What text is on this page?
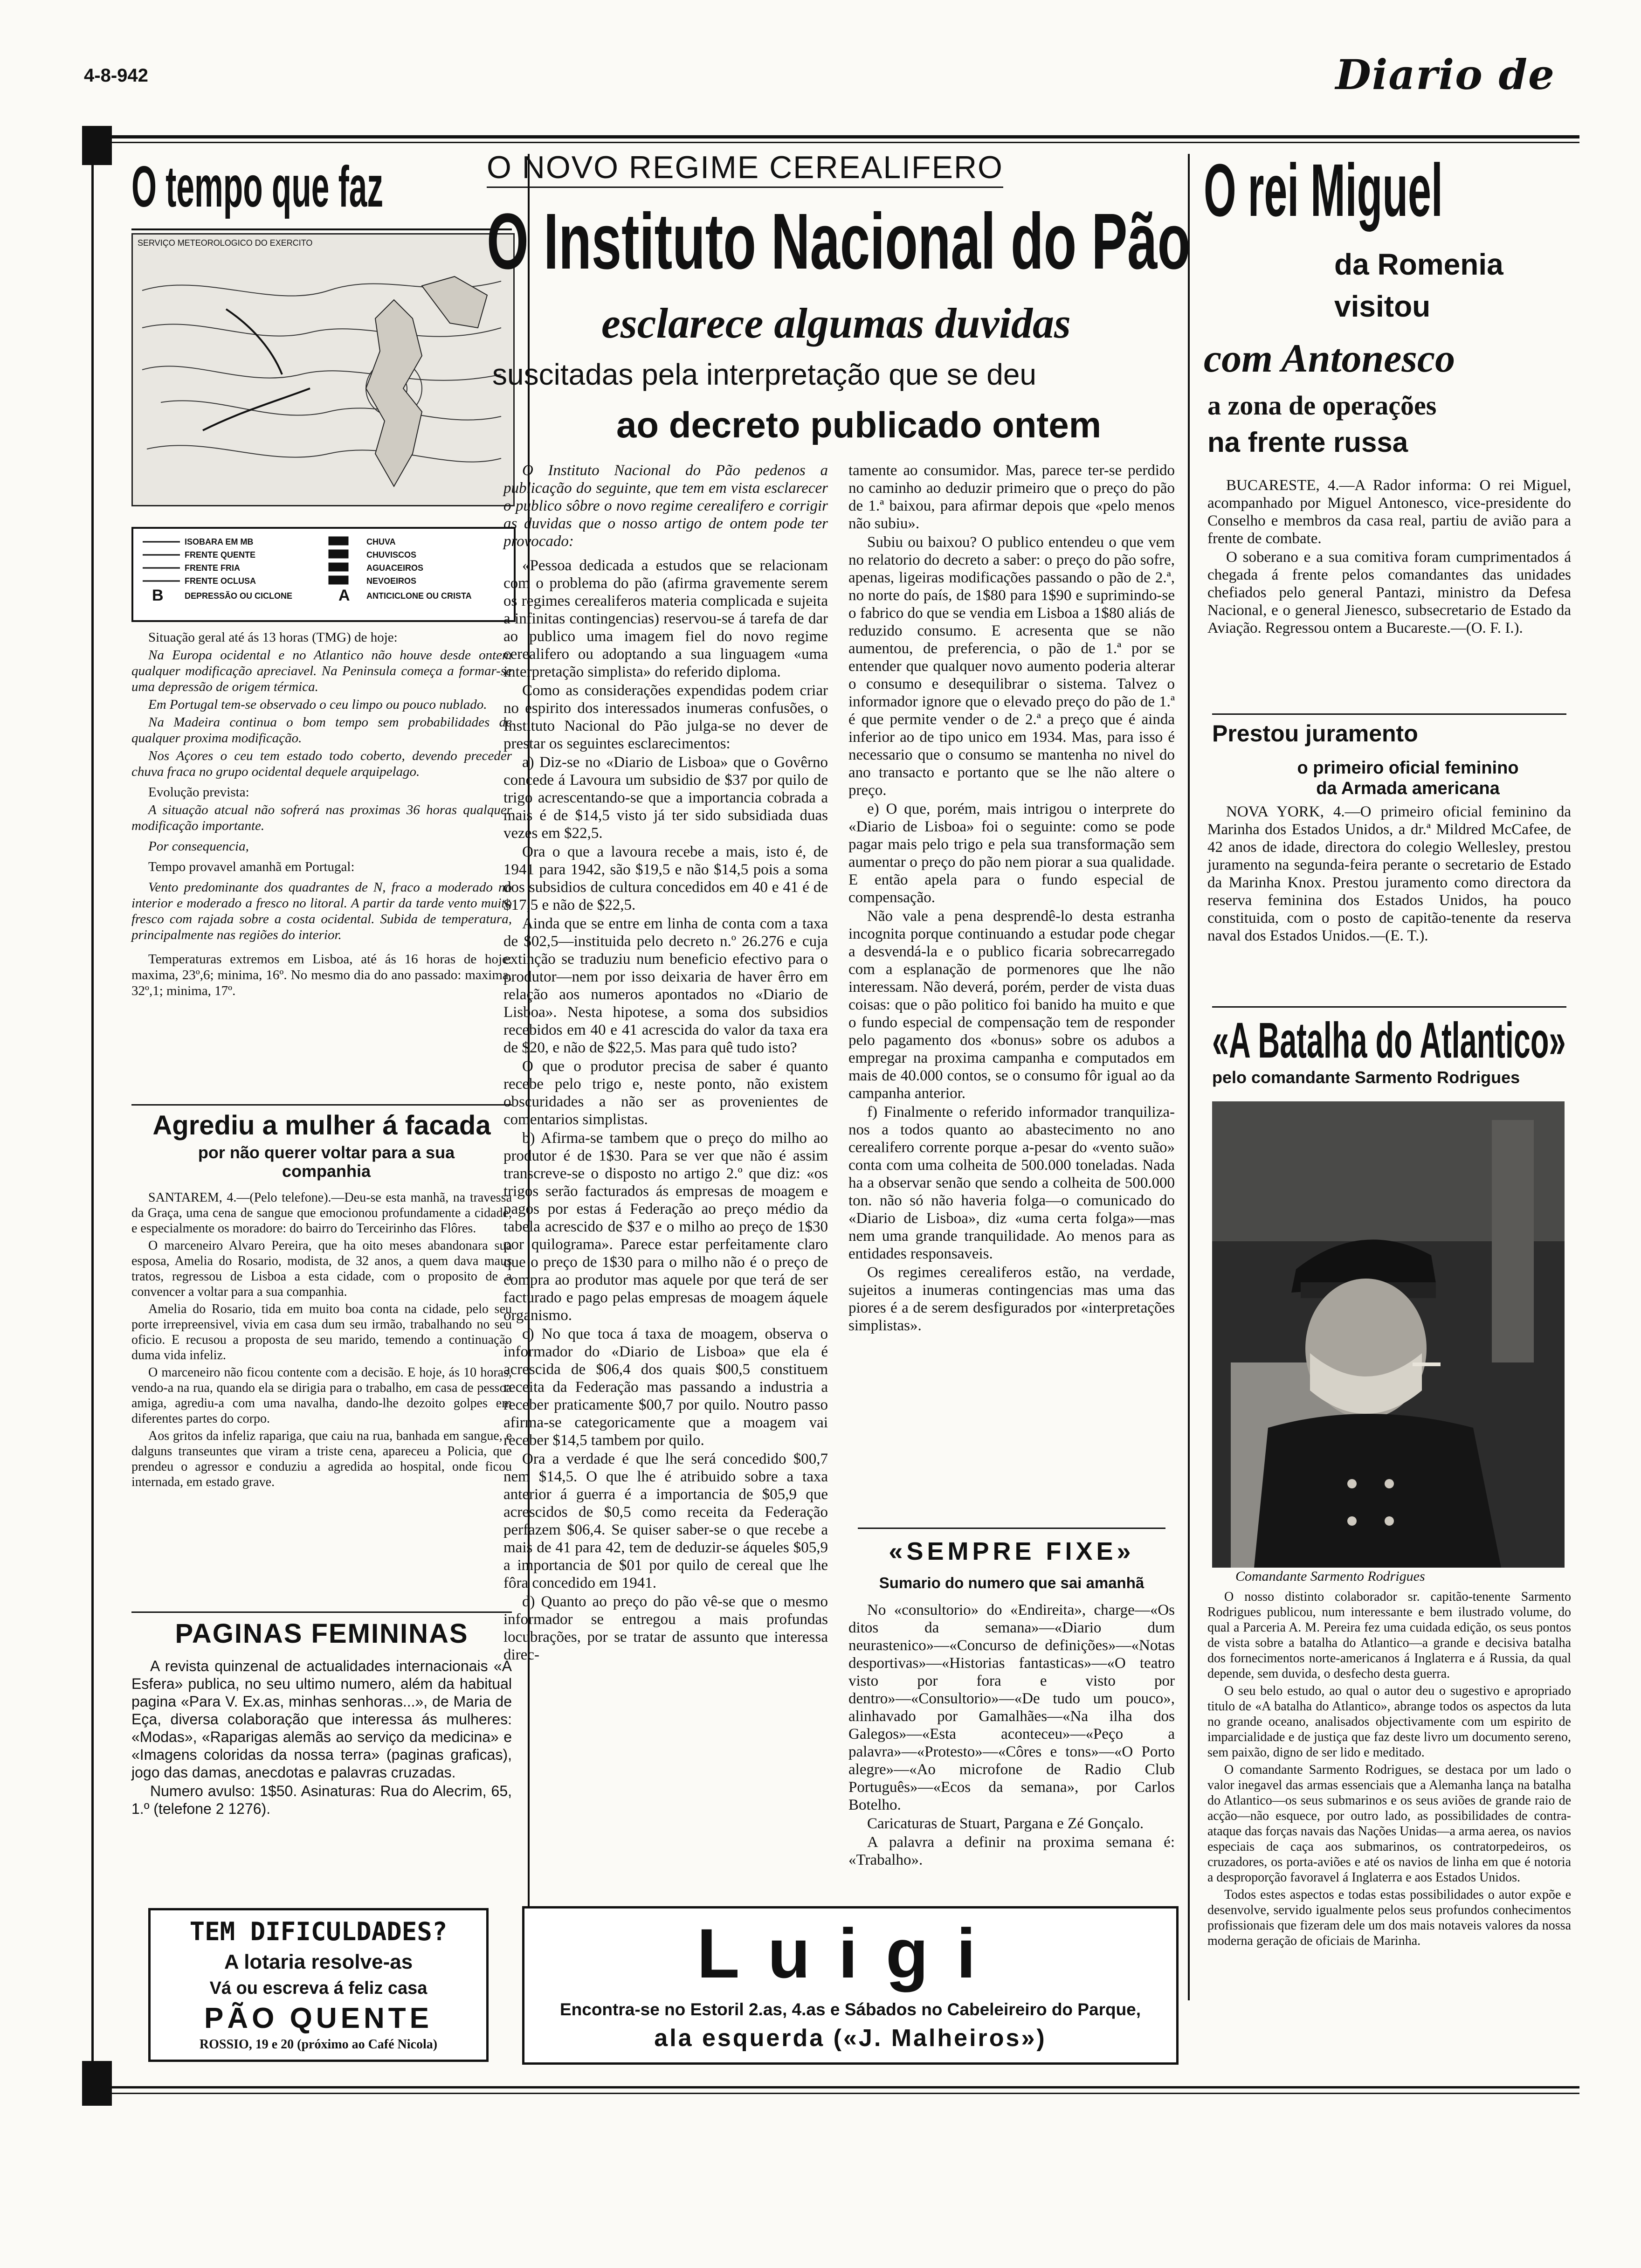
4-8-942	Diario de
O tempo que faz
SERVIÇO METEOROLOGICO DO EXERCITO
ISOBARA EM MB
FRENTE QUENTE
FRENTE FRIA
FRENTE OCLUSA
DEPRESSÃO OU CICLONE
CHUVA
CHUVISCOS
AGUACEIROS
NEVOEIROS
ANTICICLONE OU CRISTA
B	A

Situação geral até ás 13 horas (TMG) de hoje:

Na Europa ocidental e no Atlantico não houve desde ontem qualquer modificação apreciavel. Na Peninsula começa a formar-se uma depressão de origem térmica.

Em Portugal tem-se observado o ceu limpo ou pouco nublado.

Na Madeira continua o bom tempo sem probabilidades de qualquer proxima modificação.

Nos Açores o ceu tem estado todo coberto, devendo preceder chuva fraca no grupo ocidental dequele arquipelago.

Evolução prevista:

A situação atcual não sofrerá nas proximas 36 horas qualquer modificação importante.

Por consequencia,

Tempo provavel amanhã em Portugal:

Vento predominante dos quadrantes de N, fraco a moderado no interior e moderado a fresco no litoral. A partir da tarde vento muito fresco com rajada sobre a costa ocidental. Subida de temperatura, principalmente nas regiões do interior.

Temperaturas extremos em Lisboa, até ás 16 horas de hoje: maxima, 23º,6; minima, 16º. No mesmo dia do ano passado: maxima, 32º,1; minima, 17º.

Agrediu a mulher á facada
por não querer voltar para a sua companhia

SANTAREM, 4.—(Pelo telefone).—Deu-se esta manhã, na travessa da Graça, uma cena de sangue que emocionou profundamente a cidade, e especialmente os moradore: do bairro do Terceirinho das Flôres.

O marceneiro Alvaro Pereira, que ha oito meses abandonara sua esposa, Amelia do Rosario, modista, de 32 anos, a quem dava maus tratos, regressou de Lisboa a esta cidade, com o proposito de a convencer a voltar para a sua companhia.

Amelia do Rosario, tida em muito boa conta na cidade, pelo seu porte irrepreensivel, vivia em casa dum seu irmão, trabalhando no seu oficio. E recusou a proposta de seu marido, temendo a continuação duma vida infeliz.

O marceneiro não ficou contente com a decisão. E hoje, ás 10 horas, vendo-a na rua, quando ela se dirigia para o trabalho, em casa de pessoa amiga, agrediu-a com uma navalha, dando-lhe dezoito golpes em diferentes partes do corpo.

Aos gritos da infeliz rapariga, que caiu na rua, banhada em sangue, e dalguns transeuntes que viram a triste cena, apareceu a Policia, que prendeu o agressor e conduziu a agredida ao hospital, onde ficou internada, em estado grave.

PAGINAS FEMININAS

A revista quinzenal de actualidades internacionais «A Esfera» publica, no seu ultimo numero, além da habitual pagina «Para V. Ex.as, minhas senhoras...», de Maria de Eça, diversa colaboração que interessa ás mulheres: «Modas», «Raparigas alemãs ao serviço da medicina» e «Imagens coloridas da nossa terra» (paginas graficas), jogo das damas, anecdotas e palavras cruzadas.

Numero avulso: 1$50. Asinaturas: Rua do Alecrim, 65, 1.º (telefone 2 1276).

TEM DIFICULDADES?
A lotaria resolve-as
Vá ou escreva á feliz casa
PÃO QUENTE
ROSSIO, 19 e 20 (próximo ao Café Nicola)
O NOVO REGIME CEREALIFERO
O Instituto Nacional do Pão
esclarece algumas duvidas
suscitadas pela interpretação que se deu
ao decreto publicado ontem

O Instituto Nacional do Pão pedenos a publicação do seguinte, que tem em vista esclarecer o publico sôbre o novo regime cerealifero e corrigir as duvidas que o nosso artigo de ontem pode ter provocado:

«Pessoa dedicada a estudos que se relacionam com o problema do pão (afirma gravemente serem os regimes cerealiferos materia complicada e sujeita a infinitas contingencias) reservou-se á tarefa de dar ao publico uma imagem fiel do novo regime cerealifero ou adoptando a sua linguagem «uma interpretação simplista» do referido diploma.

Como as considerações expendidas podem criar no espirito dos interessados inumeras confusões, o Instituto Nacional do Pão julga-se no dever de prestar os seguintes esclarecimentos:

a) Diz-se no «Diario de Lisboa» que o Govêrno concede á Lavoura um subsidio de $37 por quilo de trigo acrescentando-se que a importancia cobrada a mais é de $14,5 visto já ter sido subsidiada duas vezes em $22,5.

Ora o que a lavoura recebe a mais, isto é, de 1941 para 1942, são $19,5 e não $14,5 pois a soma dos subsidios de cultura concedidos em 40 e 41 é de $17,5 e não de $22,5.

Ainda que se entre em linha de conta com a taxa de $02,5—instituida pelo decreto n.º 26.276 e cuja extinção se traduziu num beneficio efectivo para o produtor—nem por isso deixaria de haver êrro em relação aos numeros apontados no «Diario de Lisboa». Nesta hipotese, a soma dos subsidios recebidos em 40 e 41 acrescida do valor da taxa era de $20, e não de $22,5. Mas para quê tudo isto?

O que o produtor precisa de saber é quanto recebe pelo trigo e, neste ponto, não existem obscuridades a não ser as provenientes de comentarios simplistas.

b) Afirma-se tambem que o preço do milho ao produtor é de 1$30. Para se ver que não é assim transcreve-se o disposto no artigo 2.º que diz: «os trigos serão facturados ás empresas de moagem e pagos por estas á Federação ao preço médio da tabela acrescido de $37 e o milho ao preço de 1$30 por quilograma». Parece estar perfeitamente claro que o preço de 1$30 para o milho não é o preço de compra ao produtor mas aquele por que terá de ser facturado e pago pelas empresas de moagem áquele organismo.

c) No que toca á taxa de moagem, observa o informador do «Diario de Lisboa» que ela é acrescida de $06,4 dos quais $00,5 constituem receita da Federação mas passando a industria a receber praticamente $00,7 por quilo. Noutro passo afirma-se categoricamente que a moagem vai receber $14,5 tambem por quilo.

Ora a verdade é que lhe será concedido $00,7 nem $14,5. O que lhe é atribuido sobre a taxa anterior á guerra é a importancia de $05,9 que acrescidos de $0,5 como receita da Federação perfazem $06,4. Se quiser saber-se o que recebe a mais de 41 para 42, tem de deduzir-se áqueles $05,9 a importancia de $01 por quilo de cereal que lhe fôra concedido em 1941.

d) Quanto ao preço do pão vê-se que o mesmo informador se entregou a mais profundas locubrações, por se tratar de assunto que interessa direc-

tamente ao consumidor. Mas, parece ter-se perdido no caminho ao deduzir primeiro que o preço do pão de 1.ª baixou, para afirmar depois que «pelo menos não subiu».

Subiu ou baixou? O publico entendeu o que vem no relatorio do decreto a saber: o preço do pão sofre, apenas, ligeiras modificações passando o pão de 2.ª, no norte do país, de 1$80 para 1$90 e suprimindo-se o fabrico do que se vendia em Lisboa a 1$80 aliás de reduzido consumo. E acresenta que se não aumentou, de preferencia, o pão de 1.ª por se entender que qualquer novo aumento poderia alterar o consumo e desequilibrar o sistema. Talvez o informador ignore que o elevado preço do pão de 1.ª é que permite vender o de 2.ª a preço que é ainda inferior ao de tipo unico em 1934. Mas, para isso é necessario que o consumo se mantenha no nivel do ano transacto e portanto que se lhe não altere o preço.

e) O que, porém, mais intrigou o interprete do «Diario de Lisboa» foi o seguinte: como se pode pagar mais pelo trigo e pela sua transformação sem aumentar o preço do pão nem piorar a sua qualidade. E então apela para o fundo especial de compensação.

Não vale a pena desprendê-lo desta estranha incognita porque continuando a estudar pode chegar a desvendá-la e o publico ficaria sobrecarregado com a esplanação de pormenores que lhe não interessam. Não deverá, porém, perder de vista duas coisas: que o pão politico foi banido ha muito e que o fundo especial de compensação tem de responder pelo pagamento dos «bonus» sobre os adubos a empregar na proxima campanha e computados em mais de 40.000 contos, se o consumo fôr igual ao da campanha anterior.

f) Finalmente o referido informador tranquiliza-nos a todos quanto ao abastecimento no ano cerealifero corrente porque a-pesar do «vento suão» conta com uma colheita de 500.000 toneladas. Nada ha a observar senão que sendo a colheita de 500.000 ton. não só não haveria folga—o comunicado do «Diario de Lisboa», diz «uma certa folga»—mas nem uma grande tranquilidade. Ao menos para as entidades responsaveis.

Os regimes cerealiferos estão, na verdade, sujeitos a inumeras contingencias mas uma das piores é a de serem desfigurados por «interpretações simplistas».

«SEMPRE FIXE»
Sumario do numero que sai amanhã

No «consultorio» do «Endireita», charge—«Os ditos da semana»—«Diario dum neurastenico»—«Concurso de definições»—«Notas desportivas»—«Historias fantasticas»—«O teatro visto por fora e visto por dentro»—«Consultorio»—«De tudo um pouco», alinhavado por Gamalhães—«Na ilha dos Galegos»—«Esta aconteceu»—«Peço a palavra»—«Protesto»—«Côres e tons»—«O Porto alegre»—«Ao microfone de Radio Club Português»—«Ecos da semana», por Carlos Botelho.

Caricaturas de Stuart, Pargana e Zé Gonçalo.

A palavra a definir na proxima semana é: «Trabalho».

Luigi
Encontra-se no Estoril 2.as, 4.as e Sábados no Cabeleireiro do Parque,
ala esquerda («J. Malheiros»)
O rei Miguel
da Romenia
visitou
com Antonesco
a zona de operações
na frente russa

BUCARESTE, 4.—A Rador informa: O rei Miguel, acompanhado por Miguel Antonesco, vice-presidente do Conselho e membros da casa real, partiu de avião para a frente de combate.

O soberano e a sua comitiva foram cumprimentados á chegada á frente pelos comandantes das unidades chefiados pelo general Pantazi, ministro da Defesa Nacional, e o general Jienesco, subsecretario de Estado da Aviação. Regressou ontem a Bucareste.—(O. F. I.).

Prestou juramento
o primeiro oficial feminino
da Armada americana

NOVA YORK, 4.—O primeiro oficial feminino da Marinha dos Estados Unidos, a dr.ª Mildred McCafee, de 42 anos de idade, directora do colegio Wellesley, prestou juramento na segunda-feira perante o secretario de Estado da Marinha Knox. Prestou juramento como directora da reserva feminina dos Estados Unidos, ha pouco constituida, com o posto de capitão-tenente da reserva naval dos Estados Unidos.—(E. T.).

«A Batalha do Atlantico»
pelo comandante Sarmento Rodrigues
Comandante Sarmento Rodrigues

O nosso distinto colaborador sr. capitão-tenente Sarmento Rodrigues publicou, num interessante e bem ilustrado volume, do qual a Parceria A. M. Pereira fez uma cuidada edição, os seus pontos de vista sobre a batalha do Atlantico—a grande e decisiva batalha dos fornecimentos norte-americanos á Inglaterra e á Russia, da qual depende, sem duvida, o desfecho desta guerra.

O seu belo estudo, ao qual o autor deu o sugestivo e apropriado titulo de «A batalha do Atlantico», abrange todos os aspectos da luta no grande oceano, analisados objectivamente com um espirito de imparcialidade e de justiça que faz deste livro um documento sereno, sem paixão, digno de ser lido e meditado.

O comandante Sarmento Rodrigues, se destaca por um lado o valor inegavel das armas essenciais que a Alemanha lança na batalha do Atlantico—os seus submarinos e os seus aviões de grande raio de acção—não esquece, por outro lado, as possibilidades de contra-ataque das forças navais das Nações Unidas—a arma aerea, os navios especiais de caça aos submarinos, os contratorpedeiros, os cruzadores, os porta-aviões e até os navios de linha em que é notoria a desproporção favoravel á Inglaterra e aos Estados Unidos.

Todos estes aspectos e todas estas possibilidades o autor expõe e desenvolve, servido igualmente pelos seus profundos conhecimentos profissionais que fizeram dele um dos mais notaveis valores da nossa moderna geração de oficiais de Marinha.
